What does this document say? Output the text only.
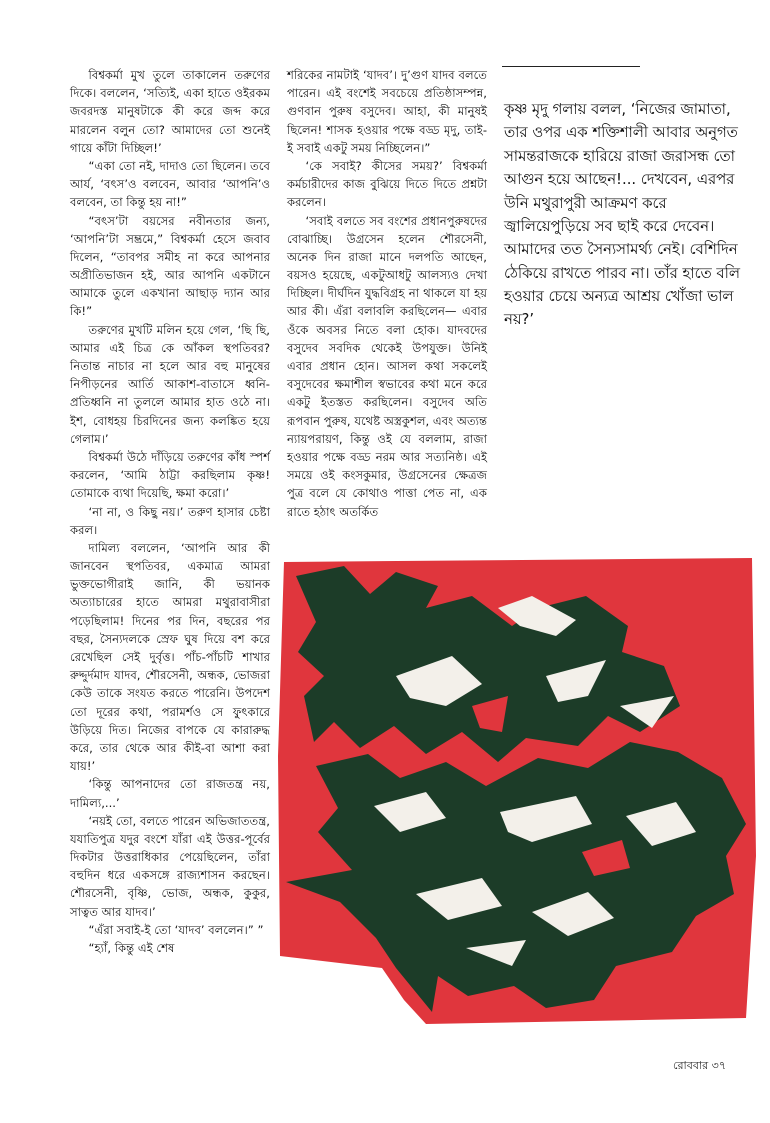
বিশ্বকর্মা মুখ তুলে তাকালেন তরুণের দিকে। বললেন, ‘সত্যিই, একা হাতে ওইরকম জবরদস্ত মানুষটাকে কী করে জব্দ করে মারলেন বলুন তো? আমাদের তো শুনেই গায়ে কাঁটা দিচ্ছিল!’

“একা তো নই, দাদাও তো ছিলেন। তবে আর্য, ‘বৎস’ও বলবেন, আবার ‘আপনি’ও বলবেন, তা কিন্তু হয় না!”

“বৎস’টা বয়সের নবীনতার জন্য, ‘আপনি’টা সম্ভ্রমে,” বিশ্বকর্মা হেসে জবাব দিলেন, “তাবপর সমীহ না করে আপনার অপ্রীতিভাজন হই, আর আপনি একটানে আমাকে তুলে একখানা আছাড় দ্যান আর কি!”

তরুণের মুখটি মলিন হয়ে গেল, ‘ছি ছি, আমার এই চিত্র কে আঁকল স্থপতিবর? নিতান্ত নাচার না হলে আর বহু মানুষের নিপীড়নের আর্তি আকাশ-বাতাসে ধ্বনি-প্রতিধ্বনি না তুললে আমার হাত ওঠে না। ইশ, বোধহয় চিরদিনের জন্য কলঙ্কিত হয়ে গেলাম।’

বিশ্বকর্মা উঠে দাঁড়িয়ে তরুণের কাঁধ স্পর্শ করলেন, ‘আমি ঠাট্টা করছিলাম কৃষ্ণ! তোমাকে ব্যথা দিয়েছি, ক্ষমা করো।’

‘না না, ও কিছু নয়।’ তরুণ হাসার চেষ্টা করল।

দামিল্য বললেন, ‘আপনি আর কী জানবেন স্থপতিবর, একমাত্র আমরা ভুক্তভোগীরাই জানি, কী ভয়ানক অত্যাচারের হাতে আমরা মথুরাবাসীরা পড়েছিলাম! দিনের পর দিন, বছরের পর বছর, সৈন্যদলকে স্রেফ ঘুষ দিয়ে বশ করে রেখেছিল সেই দুর্বৃত্ত। পাঁচ-পাঁচটি শাখার রুদ্দুর্দমাদ যাদব, শৌরসেনী, অন্ধক, ভোজরা কেউ তাকে সংযত করতে পারেনি। উপদেশ তো দূরের কথা, পরামর্শও সে ফুৎকারে উড়িয়ে দিত। নিজের বাপকে যে কারারুদ্ধ করে, তার থেকে আর কীই-বা আশা করা যায়!’

‘কিন্তু আপনাদের তো রাজতন্ত্র নয়, দামিল্য,...’

‘নয়ই তো, বলতে পারেন অভিজাততন্ত্র, যযাতিপুত্র যদুর বংশে যাঁরা এই উত্তর-পূর্বের দিকটার উত্তরাধিকার পেয়েছিলেন, তাঁরা বহুদিন ধরে একসঙ্গে রাজ্যশাসন করছেন। শৌরসেনী, বৃষ্ণি, ভোজ, অন্ধক, কুকুর, সাত্বত আর যাদব।’

“এঁরা সবাই-ই তো ‘যাদব’ বললেন।” ”

“হ্যাঁ, কিন্তু এই শেষ

শরিকের নামটাই ‘যাদব’। দু’গুণ যাদব বলতে পারেন। এই বংশেই সবচেয়ে প্রতিষ্ঠাসম্পন্ন, গুণবান পুরুষ বসুদেব। আহা, কী মানুষই ছিলেন! শাসক হওয়ার পক্ষে বড্ড মৃদু, তাই-ই সবাই একটু সময় নিচ্ছিলেন।”

‘কে সবাই? কীসের সময়?’ বিশ্বকর্মা কর্মচারীদের কাজ বুঝিয়ে দিতে দিতে প্রশ্নটা করলেন।

‘সবাই বলতে সব বংশের প্রধানপুরুষদের বোঝাচ্ছি। উগ্রসেন হলেন শৌরসেনী, অনেক দিন রাজা মানে দলপতি আছেন, বয়সও হয়েছে, একটুআধটু আলস্যও দেখা দিচ্ছিল। দীর্ঘদিন যুদ্ধবিগ্রহ না থাকলে যা হয় আর কী। এঁরা বলাবলি করছিলেন— এবার ওঁকে অবসর নিতে বলা হোক। যাদবদের বসুদেব সবদিক থেকেই উপযুক্ত। উনিই এবার প্রধান হোন। আসল কথা সকলেই বসুদেবের ক্ষমাশীল স্বভাবের কথা মনে করে একটু ইতস্তত করছিলেন। বসুদেব অতি রূপবান পুরুষ, যথেষ্ট অস্ত্রকুশল, এবং অত্যন্ত ন্যায়পরায়ণ, কিন্তু ওই যে বললাম, রাজা হওয়ার পক্ষে বড্ড নরম আর সত্যনিষ্ঠ। এই সময়ে ওই কংসকুমার, উগ্রসেনের ক্ষেত্রজ পুত্র বলে যে কোথাও পাত্তা পেত না, এক রাতে হঠাৎ অতর্কিত

কৃষ্ণ মৃদু গলায় বলল, ‘নিজের জামাতা, তার ওপর এক শক্তিশালী আবার অনুগত সামন্তরাজকে হারিয়ে রাজা জরাসন্ধ তো আগুন হয়ে আছেন!... দেখবেন, এরপর উনি মথুরাপুরী আক্রমণ করে জ্বালিয়েপুড়িয়ে সব ছাই করে দেবেন। আমাদের তত সৈন্যসামর্থ্য নেই। বেশিদিন ঠেকিয়ে রাখতে পারব না। তাঁর হাতে বলি হওয়ার চেয়ে অন্যত্র আশ্রয় খোঁজা ভাল নয়?’
রোববার ৩৭
